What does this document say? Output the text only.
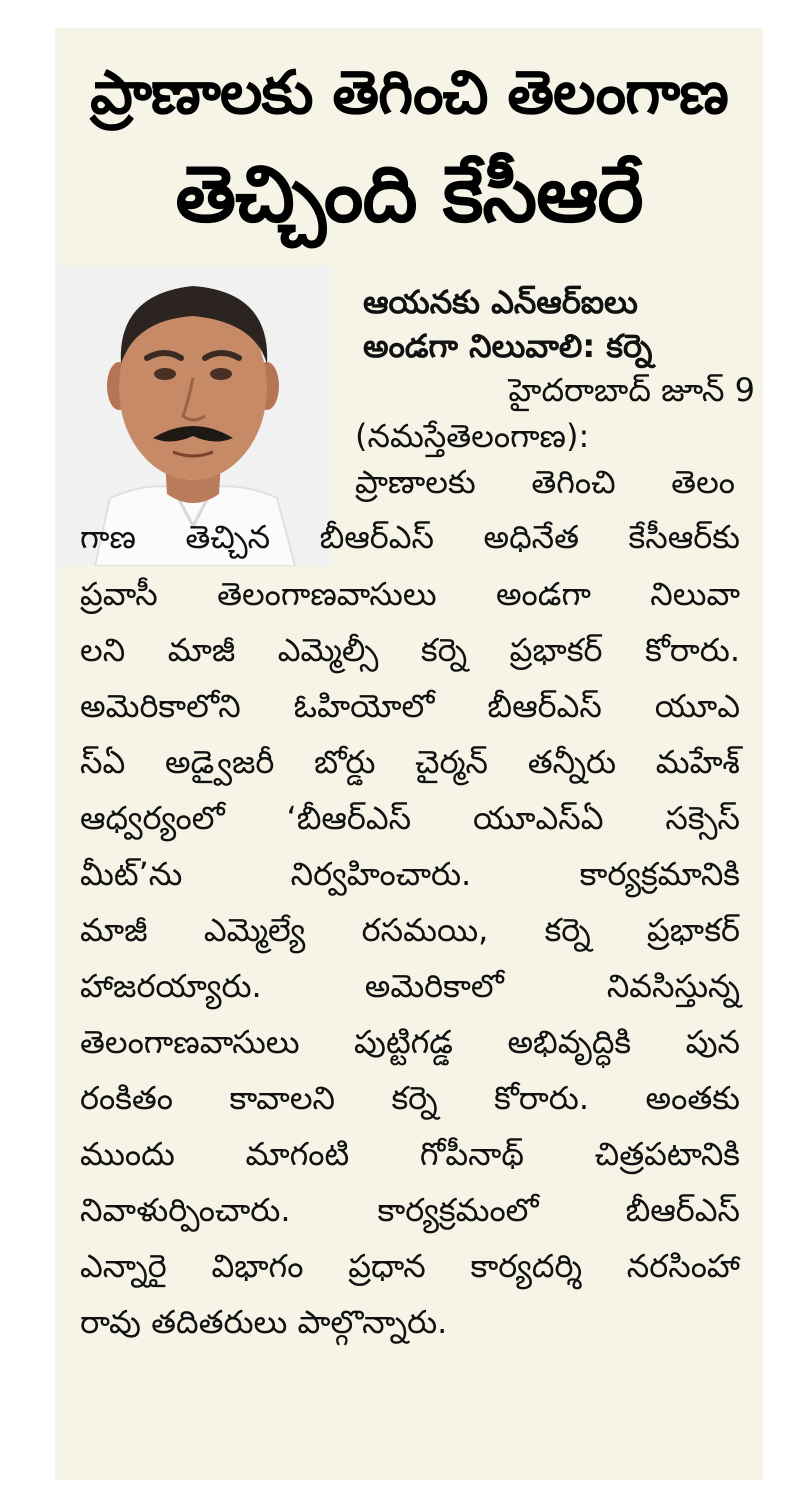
ప్రాణాలకు తెగించి తెలంగాణ
తెచ్చింది కేసీఆరే
ఆయనకు ఎన్ఆర్ఐలు
అండగా నిలువాలి: కర్నె
హైదరాబాద్ జూన్ 9
(నమస్తేతెలంగాణ):
ప్రాణాలకు తెగించి తెలం
గాణ తెచ్చిన బీఆర్ఎస్ అధినేత కేసీఆర్‌కు
ప్రవాసీ తెలంగాణవాసులు అండగా నిలువా
లని మాజీ ఎమ్మెల్సీ కర్నె ప్రభాకర్ కోరారు.
అమెరికాలోని ఓహియోలో బీఆర్ఎస్ యూఎ
స్ఏ అడ్వైజరీ బోర్డు చైర్మన్ తన్నీరు మహేశ్
ఆధ్వర్యంలో ‘బీఆర్ఎస్ యూఎస్ఏ సక్సెస్
మీట్’ను నిర్వహించారు. కార్యక్రమానికి
మాజీ ఎమ్మెల్యే రసమయి, కర్నె ప్రభాకర్
హాజరయ్యారు. అమెరికాలో నివసిస్తున్న
తెలంగాణవాసులు పుట్టిగడ్డ అభివృద్ధికి పున
రంకితం కావాలని కర్నె కోరారు. అంతకు
ముందు మాగంటి గోపీనాథ్ చిత్రపటానికి
నివాళుర్పించారు. కార్యక్రమంలో బీఆర్ఎస్
ఎన్నారై విభాగం ప్రధాన కార్యదర్శి నరసింహా
రావు తదితరులు పాల్గొన్నారు.
